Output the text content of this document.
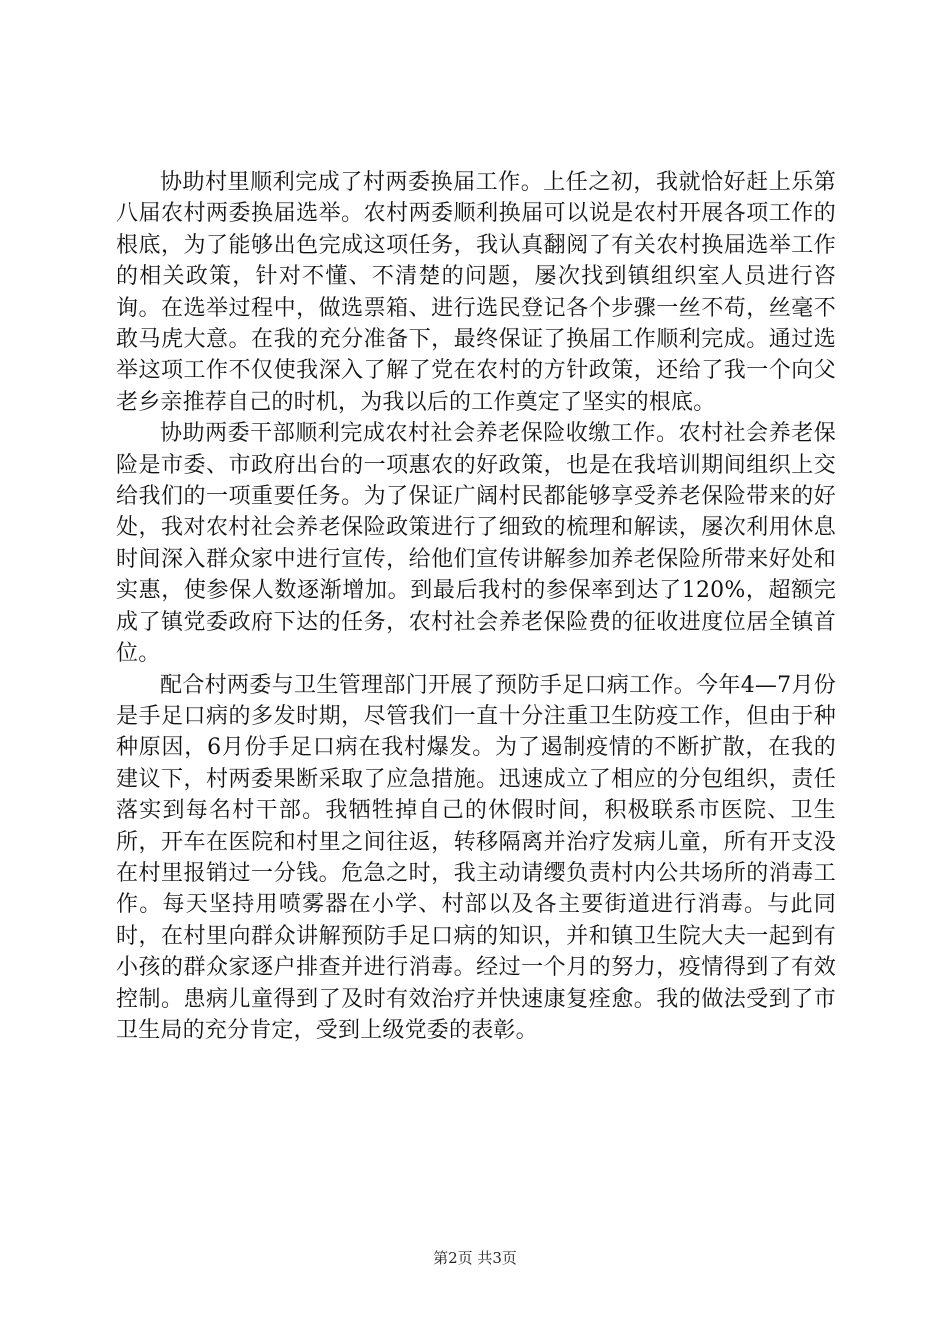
协助村里顺利完成了村两委换届工作。上任之初，我就恰好赶上乐第八届农村两委换届选举。农村两委顺利换届可以说是农村开展各项工作的根底，为了能够出色完成这项任务，我认真翻阅了有关农村换届选举工作的相关政策，针对不懂、不清楚的问题，屡次找到镇组织室人员进行咨询。在选举过程中，做选票箱、进行选民登记各个步骤一丝不苟，丝毫不敢马虎大意。在我的充分准备下，最终保证了换届工作顺利完成。通过选举这项工作不仅使我深入了解了党在农村的方针政策，还给了我一个向父老乡亲推荐自己的时机，为我以后的工作奠定了坚实的根底。

协助两委干部顺利完成农村社会养老保险收缴工作。农村社会养老保险是市委、市政府出台的一项惠农的好政策，也是在我培训期间组织上交给我们的一项重要任务。为了保证广阔村民都能够享受养老保险带来的好处，我对农村社会养老保险政策进行了细致的梳理和解读，屡次利用休息时间深入群众家中进行宣传，给他们宣传讲解参加养老保险所带来好处和实惠，使参保人数逐渐增加。到最后我村的参保率到达了120%，超额完成了镇党委政府下达的任务，农村社会养老保险费的征收进度位居全镇首位。

配合村两委与卫生管理部门开展了预防手足口病工作。今年4—7月份是手足口病的多发时期，尽管我们一直十分注重卫生防疫工作，但由于种种原因，6月份手足口病在我村爆发。为了遏制疫情的不断扩散，在我的建议下，村两委果断采取了应急措施。迅速成立了相应的分包组织，责任落实到每名村干部。我牺牲掉自己的休假时间，积极联系市医院、卫生所，开车在医院和村里之间往返，转移隔离并治疗发病儿童，所有开支没在村里报销过一分钱。危急之时，我主动请缨负责村内公共场所的消毒工作。每天坚持用喷雾器在小学、村部以及各主要街道进行消毒。与此同时，在村里向群众讲解预防手足口病的知识，并和镇卫生院大夫一起到有小孩的群众家逐户排查并进行消毒。经过一个月的努力，疫情得到了有效控制。患病儿童得到了及时有效治疗并快速康复痊愈。我的做法受到了市卫生局的充分肯定，受到上级党委的表彰。

第2页 共3页
